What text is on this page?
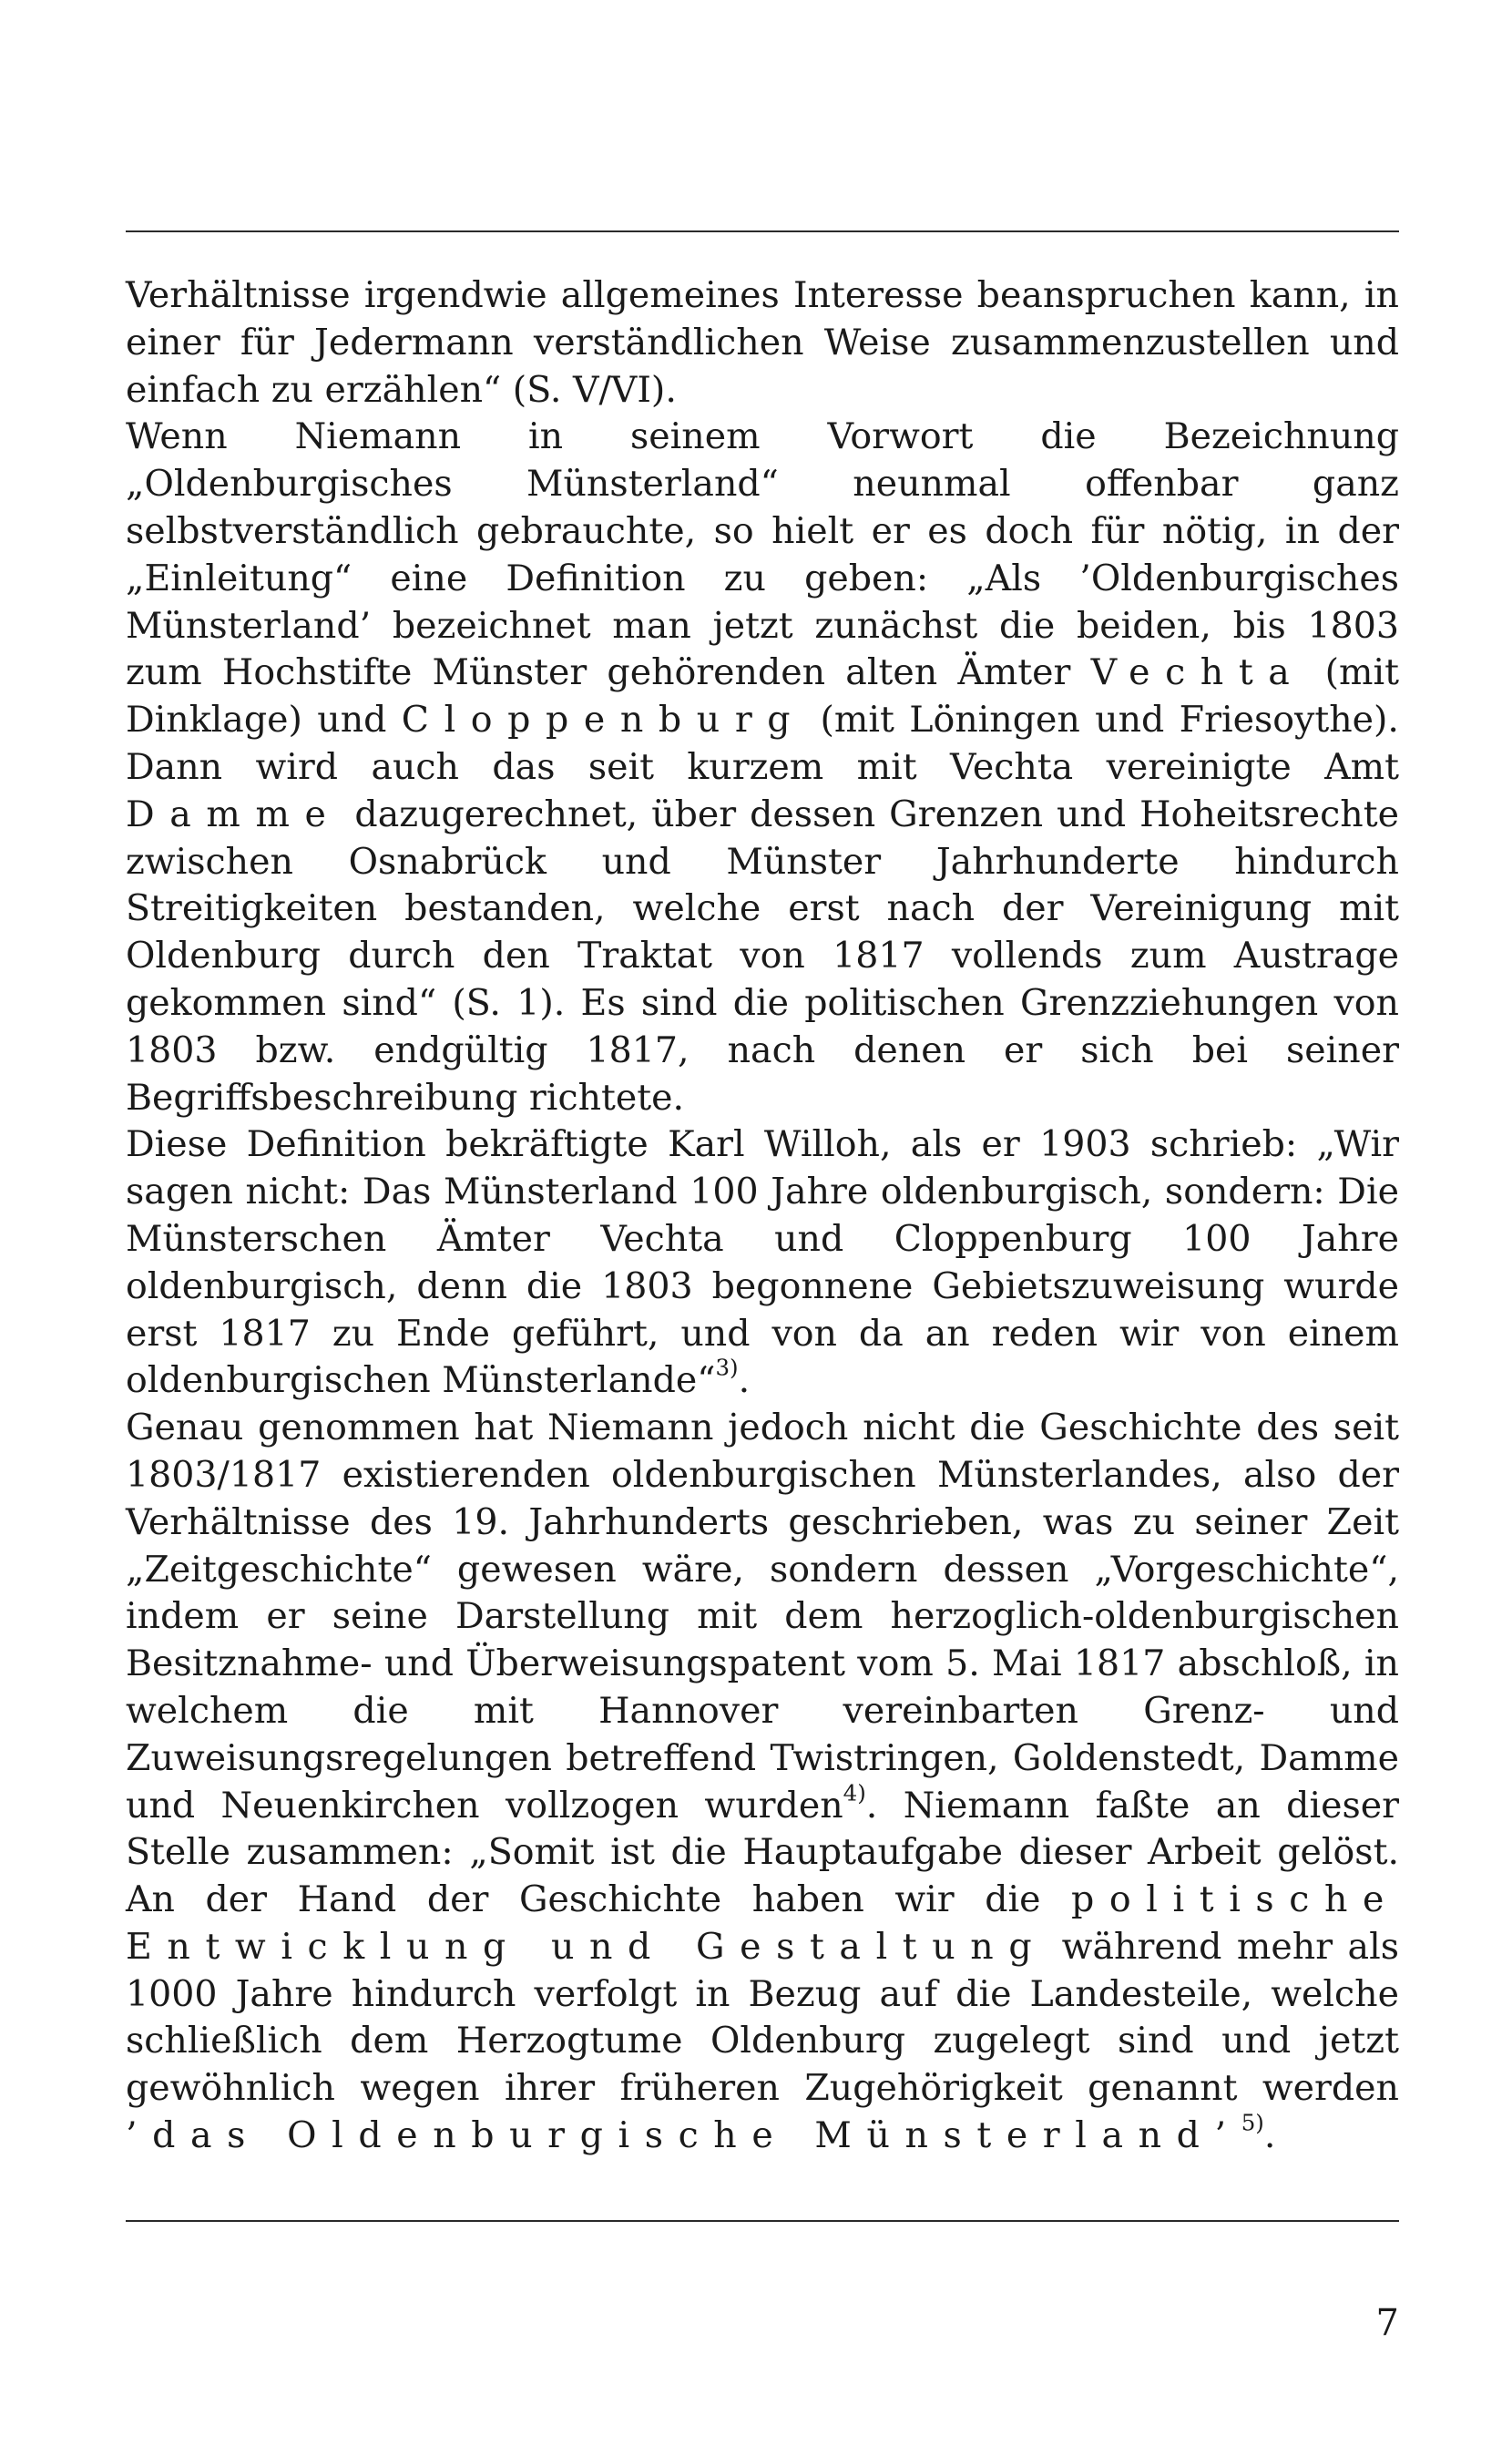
Verhältnisse irgendwie allgemeines Interesse beanspruchen kann, in einer für Jedermann verständlichen Weise zusammenzustellen und einfach zu erzählen“ (S. V/VI).

Wenn Niemann in seinem Vorwort die Bezeichnung „Oldenburgisches Münsterland“ neunmal offenbar ganz selbstverständlich gebrauchte, so hielt er es doch für nötig, in der „Einleitung“ eine Definition zu geben: „Als ’Oldenburgisches Münsterland’ bezeichnet man jetzt zunächst die beiden, bis 1803 zum Hochstifte Münster gehörenden alten Ämter Vechta (mit Dinklage) und Cloppenburg (mit Löningen und Friesoythe). Dann wird auch das seit kurzem mit Vechta vereinigte Amt Damme dazugerechnet, über dessen Grenzen und Hoheitsrechte zwischen Osnabrück und Münster Jahrhunderte hindurch Streitigkeiten bestanden, welche erst nach der Vereinigung mit Oldenburg durch den Traktat von 1817 vollends zum Austrage gekommen sind“ (S. 1). Es sind die politischen Grenzziehungen von 1803 bzw. endgültig 1817, nach denen er sich bei seiner Begriffsbeschreibung richtete.

Diese Definition bekräftigte Karl Willoh, als er 1903 schrieb: „Wir sagen nicht: Das Münsterland 100 Jahre oldenburgisch, sondern: Die Münsterschen Ämter Vechta und Cloppenburg 100 Jahre oldenburgisch, denn die 1803 begonnene Gebietszuweisung wurde erst 1817 zu Ende geführt, und von da an reden wir von einem oldenburgischen Münsterlande“$^{3)}$.

Genau genommen hat Niemann jedoch nicht die Geschichte des seit 1803/1817 existierenden oldenburgischen Münsterlandes, also der Verhältnisse des 19. Jahrhunderts geschrieben, was zu seiner Zeit „Zeitgeschichte“ gewesen wäre, sondern dessen „Vorgeschichte“, indem er seine Darstellung mit dem herzoglich-oldenburgischen Besitznahme- und Überweisungspatent vom 5. Mai 1817 abschloß, in welchem die mit Hannover vereinbarten Grenz- und Zuweisungsregelungen betreffend Twistringen, Goldenstedt, Damme und Neuenkirchen vollzogen wurden$^{4)}$. Niemann faßte an dieser Stelle zusammen: „Somit ist die Hauptaufgabe dieser Arbeit gelöst. An der Hand der Geschichte haben wir die politische Entwicklung und Gestaltung während mehr als 1000 Jahre hindurch verfolgt in Bezug auf die Landesteile, welche schließlich dem Herzogtume Oldenburg zugelegt sind und jetzt gewöhnlich wegen ihrer früheren Zugehörigkeit genannt werden ’das Oldenburgische Münsterland’$^{5)}$.

7
